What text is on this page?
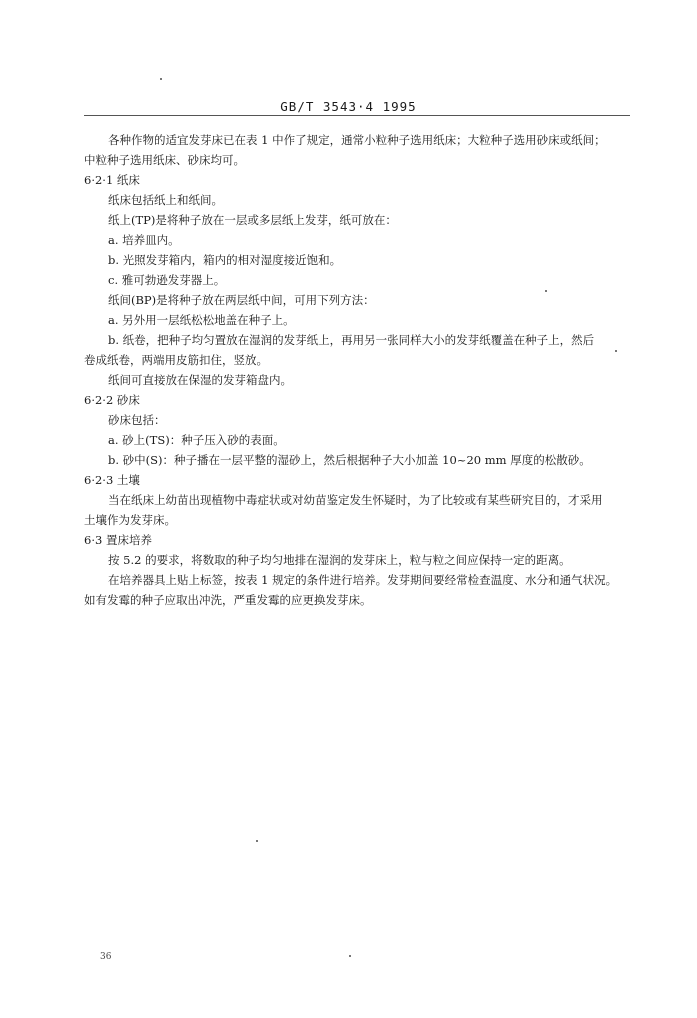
GB/T 3543·4 1995
各种作物的适宜发芽床已在表 1 中作了规定，通常小粒种子选用纸床；大粒种子选用砂床或纸间；
中粒种子选用纸床、砂床均可。
6·2·1 纸床
纸床包括纸上和纸间。
纸上(TP)是将种子放在一层或多层纸上发芽，纸可放在：
a. 培养皿内。
b. 光照发芽箱内，箱内的相对湿度接近饱和。
c. 雅可勃逊发芽器上。
纸间(BP)是将种子放在两层纸中间，可用下列方法：
a. 另外用一层纸松松地盖在种子上。
b. 纸卷，把种子均匀置放在湿润的发芽纸上，再用另一张同样大小的发芽纸覆盖在种子上，然后
卷成纸卷，两端用皮筋扣住，竖放。
纸间可直接放在保湿的发芽箱盘内。
6·2·2 砂床
砂床包括：
a. 砂上(TS)：种子压入砂的表面。
b. 砂中(S)：种子播在一层平整的湿砂上，然后根据种子大小加盖 10~20 mm 厚度的松散砂。
6·2·3 土壤
当在纸床上幼苗出现植物中毒症状或对幼苗鉴定发生怀疑时，为了比较或有某些研究目的，才采用
土壤作为发芽床。
6·3 置床培养
按 5.2 的要求，将数取的种子均匀地排在湿润的发芽床上，粒与粒之间应保持一定的距离。
在培养器具上贴上标签，按表 1 规定的条件进行培养。发芽期间要经常检查温度、水分和通气状况。
如有发霉的种子应取出冲洗，严重发霉的应更换发芽床。
36
